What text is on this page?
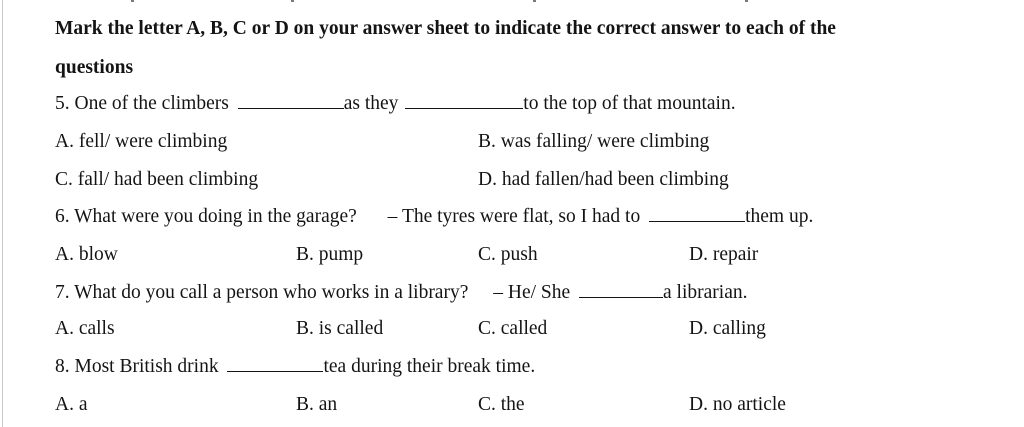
Mark the letter A, B, C or D on your answer sheet to indicate the correct answer to each of the
questions
5. One of the climbers	as they	to the top of that mountain.
A. fell/ were climbing	B. was falling/ were climbing
C. fall/ had been climbing	D. had fallen/had been climbing
6. What were you doing in the garage? – The tyres were flat, so I had to	them up.
A. blow	B. pump	C. push	D. repair
7. What do you call a person who works in a library? – He/ She	a librarian.
A. calls	B. is called	C. called	D. calling
8. Most British drink	tea during their break time.
A. a	B. an	C. the	D. no article
